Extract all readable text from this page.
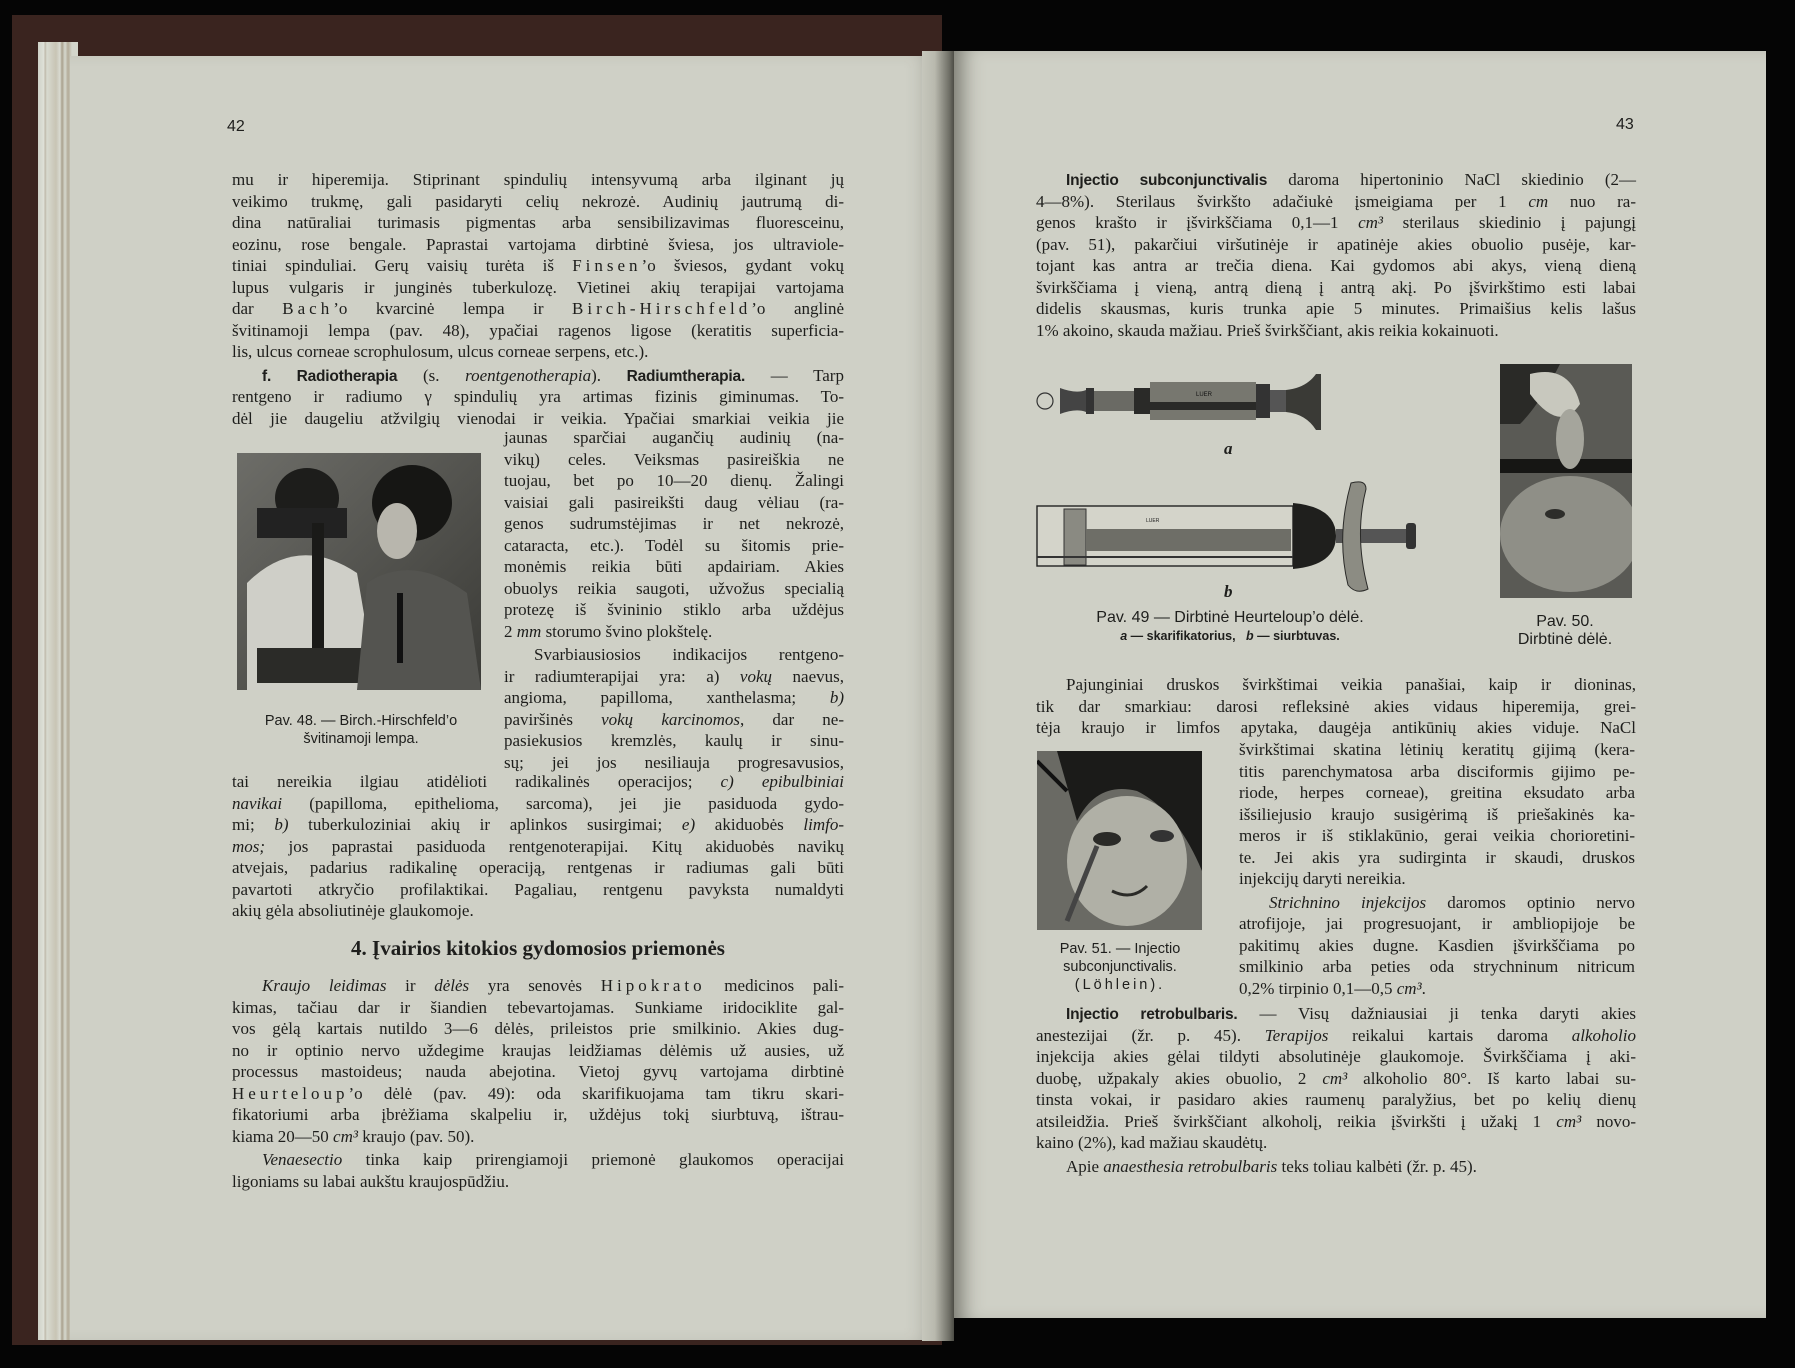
42
mu ir hiperemija. Stiprinant spindulių intensyvumą arba ilginant jų
veikimo trukmę, gali pasidaryti celių nekrozė. Audinių jautrumą di-
dina natūraliai turimasis pigmentas arba sensibilizavimas fluoresceinu,
eozinu, rose bengale. Paprastai vartojama dirbtinė šviesa, jos ultraviole-
tiniai spinduliai. Gerų vaisių turėta iš Finsen’o šviesos, gydant vokų
lupus vulgaris ir junginės tuberkulozę. Vietinei akių terapijai vartojama
dar Bach’o kvarcinė lempa ir Birch-Hirschfeld’o anglinė
švitinamoji lempa (pav. 48), ypačiai ragenos ligose (keratitis superficia-
lis, ulcus corneae scrophulosum, ulcus corneae serpens, etc.).
f. Radiotherapia (s. roentgenotherapia). Radiumtherapia. — Tarp
rentgeno ir radiumo γ spindulių yra artimas fizinis giminumas. To-
dėl jie daugeliu atžvilgių vienodai ir veikia. Ypačiai smarkiai veikia jie
Pav. 48. — Birch.-Hirschfeld’o
švitinamoji lempa.
jaunas sparčiai augančių audinių (na-
vikų) celes. Veiksmas pasireiškia ne
tuojau, bet po 10—20 dienų. Žalingi
vaisiai gali pasireikšti daug vėliau (ra-
genos sudrumstėjimas ir net nekrozė,
cataracta, etc.). Todėl su šitomis prie-
monėmis reikia būti apdairiam. Akies
obuolys reikia saugoti, užvožus specialią
protezę iš švininio stiklo arba uždėjus
2 mm storumo švino plokštelę.
Svarbiausiosios indikacijos rentgeno-
ir radiumterapijai yra: a) vokų naevus,
angioma, papilloma, xanthelasma; b)
paviršinės vokų karcinomos, dar ne-
pasiekusios kremzlės, kaulų ir sinu-
sų; jei jos nesiliauja progresavusios,
tai nereikia ilgiau atidėlioti radikalinės operacijos; c) epibulbiniai
navikai (papilloma, epithelioma, sarcoma), jei jie pasiduoda gydo-
mi; b) tuberkuloziniai akių ir aplinkos susirgimai; e) akiduobės limfo-
mos; jos paprastai pasiduoda rentgenoterapijai. Kitų akiduobės navikų
atvejais, padarius radikalinę operaciją, rentgenas ir radiumas gali būti
pavartoti atkryčio profilaktikai. Pagaliau, rentgenu pavyksta numaldyti
akių gėla absoliutinėje glaukomoje.
4. Įvairios kitokios gydomosios priemonės
Kraujo leidimas ir dėlės yra senovės Hipokrato medicinos pali-
kimas, tačiau dar ir šiandien tebevartojamas. Sunkiame iridociklite gal-
vos gėlą kartais nutildo 3—6 dėlės, prileistos prie smilkinio. Akies dug-
no ir optinio nervo uždegime kraujas leidžiamas dėlėmis už ausies, už
processus mastoideus; nauda abejotina. Vietoj gyvų vartojama dirbtinė
Heurteloup’o dėlė (pav. 49): oda skarifikuojama tam tikru skari-
fikatoriumi arba įbrėžiama skalpeliu ir, uždėjus tokį siurbtuvą, ištrau-
kiama 20—50 cm³ kraujo (pav. 50).
Venaesectio tinka kaip prirengiamoji priemonė glaukomos operacijai
ligoniams su labai aukštu kraujospūdžiu.
43
Injectio subconjunctivalis daroma hipertoninio NaCl skiedinio (2—
4—8%). Sterilaus švirkšto adačiukė įsmeigiama per 1 cm nuo ra-
genos krašto ir įšvirkščiama 0,1—1 cm³ sterilaus skiedinio į pajungį
(pav. 51), pakarčiui viršutinėje ir apatinėje akies obuolio pusėje, kar-
tojant kas antra ar trečia diena. Kai gydomos abi akys, vieną dieną
švirkščiama į vieną, antrą dieną į antrą akį. Po įšvirkštimo esti labai
didelis skausmas, kuris trunka apie 5 minutes. Primaišius kelis lašus
1% akoino, skauda mažiau. Prieš švirkščiant, akis reikia kokainuoti.
LUER
a
LUER
b
Pav. 49 — Dirbtinė Heurteloup’o dėlė.
a — skarifikatorius, b — siurbtuvas.
Pav. 50.
Dirbtinė dėlė.
Pajunginiai druskos švirkštimai veikia panašiai, kaip ir dioninas,
tik dar smarkiau: darosi refleksinė akies vidaus hiperemija, grei-
tėja kraujo ir limfos apytaka, daugėja antikūnių akies viduje. NaCl
Pav. 51. — Injectio
subconjunctivalis.
(Löhlein).
švirkštimai skatina lėtinių keratitų gijimą (kera-
titis parenchymatosa arba disciformis gijimo pe-
riode, herpes corneae), greitina eksudato arba
išsiliejusio kraujo susigėrimą iš priešakinės ka-
meros ir iš stiklakūnio, gerai veikia chorioretini-
te. Jei akis yra sudirginta ir skaudi, druskos
injekcijų daryti nereikia.
Strichnino injekcijos daromos optinio nervo
atrofijoje, jai progresuojant, ir ambliopijoje be
pakitimų akies dugne. Kasdien įšvirkščiama po
smilkinio arba peties oda strychninum nitricum
0,2% tirpinio 0,1—0,5 cm³.
Injectio retrobulbaris. — Visų dažniausiai ji tenka daryti akies
anestezijai (žr. p. 45). Terapijos reikalui kartais daroma alkoholio
injekcija akies gėlai tildyti absolutinėje glaukomoje. Švirkščiama į aki-
duobę, užpakaly akies obuolio, 2 cm³ alkoholio 80°. Iš karto labai su-
tinsta vokai, ir pasidaro akies raumenų paralyžius, bet po kelių dienų
atsileidžia. Prieš švirkščiant alkoholį, reikia įšvirkšti į užakį 1 cm³ novo-
kaino (2%), kad mažiau skaudėtų.
Apie anaesthesia retrobulbaris teks toliau kalbėti (žr. p. 45).
